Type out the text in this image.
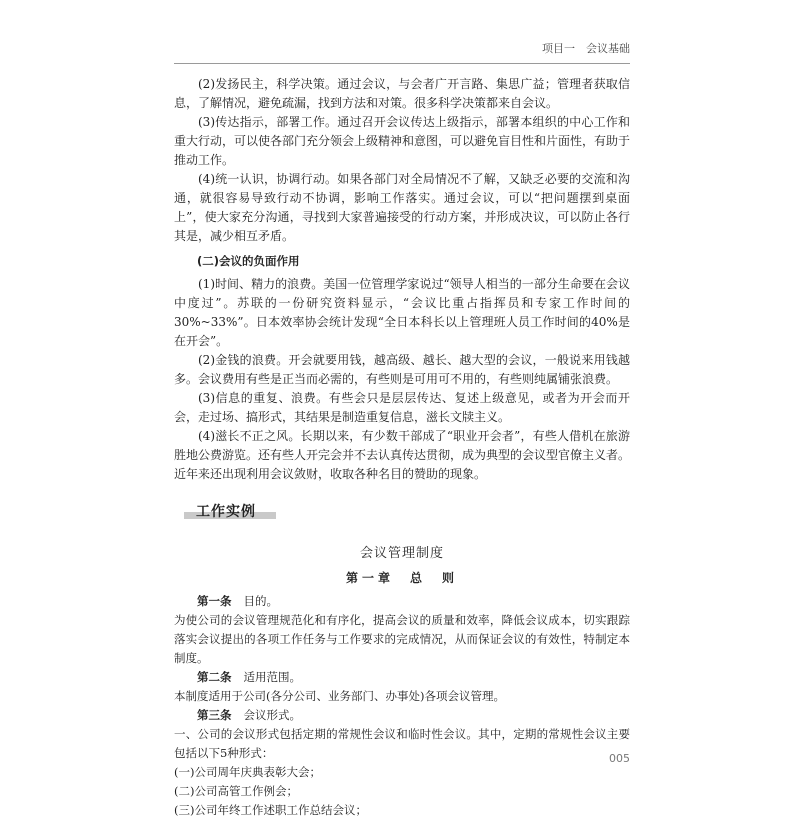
项目一　会议基础

(2)发扬民主，科学决策。通过会议，与会者广开言路、集思广益；管理者获取信息，了解情况，避免疏漏，找到方法和对策。很多科学决策都来自会议。

(3)传达指示，部署工作。通过召开会议传达上级指示，部署本组织的中心工作和重大行动，可以使各部门充分领会上级精神和意图，可以避免盲目性和片面性，有助于推动工作。

(4)统一认识，协调行动。如果各部门对全局情况不了解，又缺乏必要的交流和沟通，就很容易导致行动不协调，影响工作落实。通过会议，可以“把问题摆到桌面上”，使大家充分沟通，寻找到大家普遍接受的行动方案，并形成决议，可以防止各行其是，减少相互矛盾。

(二)会议的负面作用

(1)时间、精力的浪费。美国一位管理学家说过“领导人相当的一部分生命要在会议中度过”。苏联的一份研究资料显示，“会议比重占指挥员和专家工作时间的30%~33%”。日本效率协会统计发现“全日本科长以上管理班人员工作时间的40%是在开会”。

(2)金钱的浪费。开会就要用钱，越高级、越长、越大型的会议，一般说来用钱越多。会议费用有些是正当而必需的，有些则是可用可不用的，有些则纯属铺张浪费。

(3)信息的重复、浪费。有些会只是层层传达、复述上级意见，或者为开会而开会，走过场、搞形式，其结果是制造重复信息，滋长文牍主义。

(4)滋长不正之风。长期以来，有少数干部成了“职业开会者”，有些人借机在旅游胜地公费游览。还有些人开完会并不去认真传达贯彻，成为典型的会议型官僚主义者。近年来还出现利用会议敛财，收取各种名目的赞助的现象。

工作实例
会议管理制度
第一章　总　则

第一条 目的。

为使公司的会议管理规范化和有序化，提高会议的质量和效率，降低会议成本，切实跟踪落实会议提出的各项工作任务与工作要求的完成情况，从而保证会议的有效性，特制定本制度。

第二条 适用范围。

本制度适用于公司(各分公司、业务部门、办事处)各项会议管理。

第三条 会议形式。

一、公司的会议形式包括定期的常规性会议和临时性会议。其中，定期的常规性会议主要包括以下5种形式：

(一)公司周年庆典表彰大会；

(二)公司高管工作例会；

(三)公司年终工作述职工作总结会议；

005
